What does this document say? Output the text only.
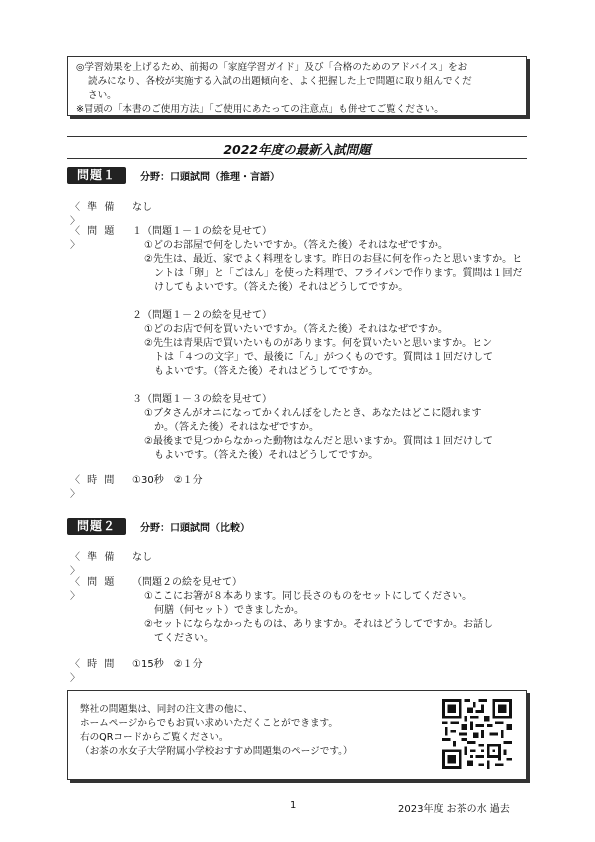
◎学習効果を上げるため、前掲の「家庭学習ガイド」及び「合格のためのアドバイス」をお

読みになり、各校が実施する入試の出題傾向を、よく把握した上で問題に取り組んでくだ

さい。

※冒頭の「本書のご使用方法」「ご使用にあたっての注意点」も併せてご覧ください。

2022年度の最新入試問題
問題１	分野：口頭試問（推理・言語）
〈 準 備 〉
なし
〈 問 題 〉

１（問題１－１の絵を見せて）

①どのお部屋で何をしたいですか。（答えた後）それはなぜですか。

②先生は、最近、家でよく料理をします。昨日のお昼に何を作ったと思いますか。ヒ

ントは「卵」と「ごはん」を使った料理で、フライパンで作ります。質問は１回だ

けしてもよいです。（答えた後）それはどうしてですか。

２（問題１－２の絵を見せて）

①どのお店で何を買いたいですか。（答えた後）それはなぜですか。

②先生は青果店で買いたいものがあります。何を買いたいと思いますか。ヒン

トは「４つの文字」で、最後に「ん」がつくものです。質問は１回だけして

もよいです。（答えた後）それはどうしてですか。

３（問題１－３の絵を見せて）

①ブタさんがオニになってかくれんぼをしたとき、あなたはどこに隠れます

か。（答えた後）それはなぜですか。

②最後まで見つからなかった動物はなんだと思いますか。質問は１回だけして

もよいです。（答えた後）それはどうしてですか。

〈 時 間 〉
①30秒　②１分
問題２	分野：口頭試問（比較）
〈 準 備 〉
なし
〈 問 題 〉

（問題２の絵を見せて）

①ここにお箸が８本あります。同じ長さのものをセットにしてください。

何膳（何セット）できましたか。

②セットにならなかったものは、ありますか。それはどうしてですか。お話し

てください。

〈 時 間 〉
①15秒　②１分

弊社の問題集は、同封の注文書の他に、

ホームページからでもお買い求めいただくことができます。

右のQRコードからご覧ください。

（お茶の水女子大学附属小学校おすすめ問題集のページです。）

1	2023年度 お茶の水 過去
